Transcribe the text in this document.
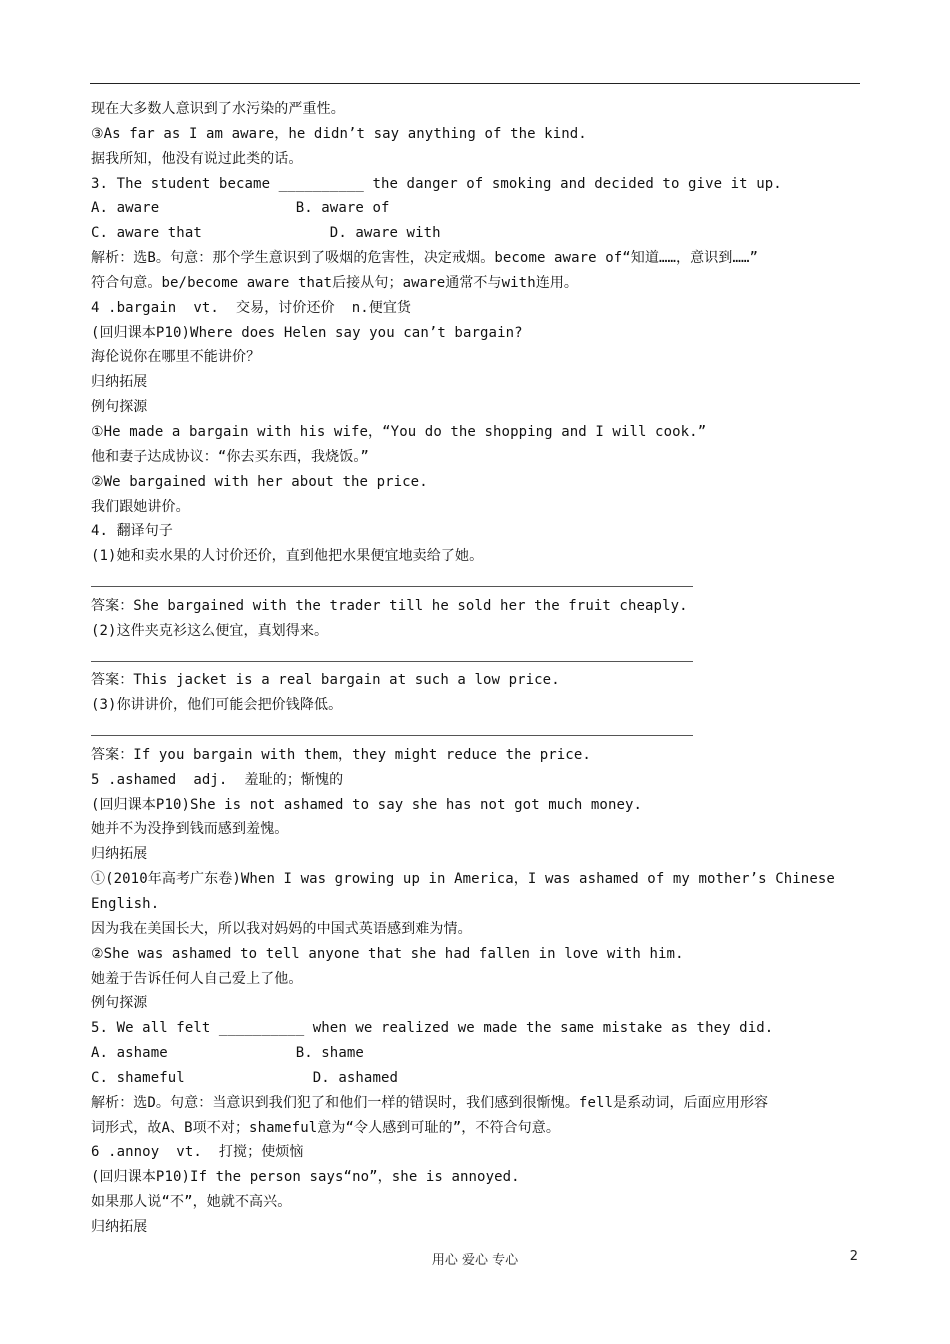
现在大多数人意识到了水污染的严重性。
③As far as I am aware，he didn’t say anything of the kind.
据我所知，他没有说过此类的话。
3. The student became __________ the danger of smoking and decided to give it up.
A. aware                B. aware of
C. aware that               D. aware with
解析：选B。句意：那个学生意识到了吸烟的危害性，决定戒烟。become aware of“知道……，意识到……”
符合句意。be/become aware that后接从句；aware通常不与with连用。
4 .bargain  vt.  交易，讨价还价  n.便宜货
(回归课本P10)Where does Helen say you can’t bargain?
海伦说你在哪里不能讲价？
归纳拓展
例句探源
①He made a bargain with his wife，“You do the shopping and I will cook.”
他和妻子达成协议：“你去买东西，我烧饭。”
②We bargained with her about the price.
我们跟她讲价。
4. 翻译句子
(1)她和卖水果的人讨价还价，直到他把水果便宜地卖给了她。
答案：She bargained with the trader till he sold her the fruit cheaply.
(2)这件夹克衫这么便宜，真划得来。
答案：This jacket is a real bargain at such a low price.
(3)你讲讲价，他们可能会把价钱降低。
答案：If you bargain with them，they might reduce the price.
5 .ashamed  adj.  羞耻的；惭愧的
(回归课本P10)She is not ashamed to say she has not got much money.
她并不为没挣到钱而感到羞愧。
归纳拓展
①(2010年高考广东卷)When I was growing up in America，I was ashamed of my mother’s Chinese
English.
因为我在美国长大，所以我对妈妈的中国式英语感到难为情。
②She was ashamed to tell anyone that she had fallen in love with him.
她羞于告诉任何人自己爱上了他。
例句探源
5. We all felt __________ when we realized we made the same mistake as they did.
A. ashame               B. shame
C. shameful               D. ashamed
解析：选D。句意：当意识到我们犯了和他们一样的错误时，我们感到很惭愧。fell是系动词，后面应用形容
词形式，故A、B项不对；shameful意为“令人感到可耻的”，不符合句意。
6 .annoy  vt.  打搅；使烦恼
(回归课本P10)If the person says“no”，she is annoyed.
如果那人说“不”，她就不高兴。
归纳拓展
用心 爱心 专心	2
